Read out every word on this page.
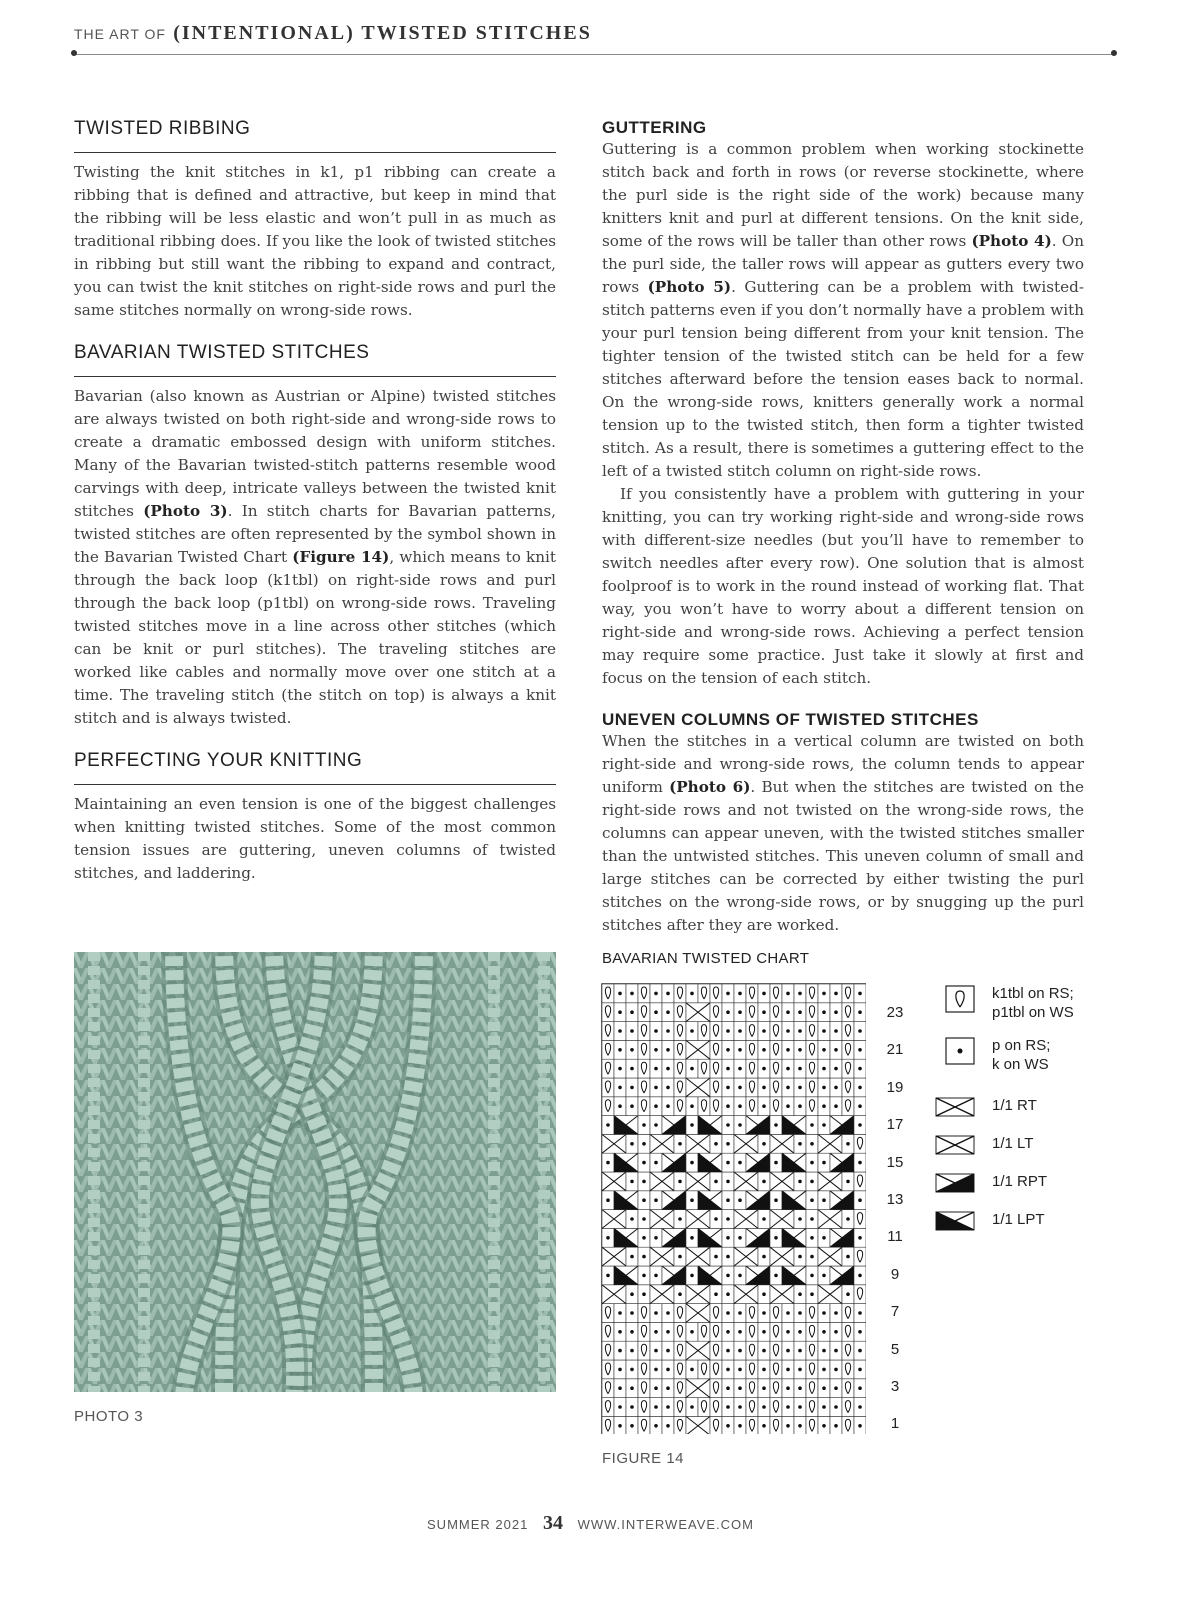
THE ART OF (INTENTIONAL) TWISTED STITCHES
TWISTED RIBBING

Twisting the knit stitches in k1, p1 ribbing can create a ribbing that is defined and attractive, but keep in mind that the ribbing will be less elastic and won’t pull in as much as traditional ribbing does. If you like the look of twisted stitches in ribbing but still want the ribbing to expand and contract, you can twist the knit stitches on right-side rows and purl the same stitches normally on wrong-side rows.

BAVARIAN TWISTED STITCHES

Bavarian (also known as Austrian or Alpine) twisted stitches are always twisted on both right-side and wrong-side rows to create a dramatic embossed design with uniform stitches. Many of the Bavarian twisted-stitch patterns resemble wood carvings with deep, intricate valleys between the twisted knit stitches (Photo 3). In stitch charts for Bavarian patterns, twisted stitches are often represented by the symbol shown in the Bavarian Twisted Chart (Figure 14), which means to knit through the back loop (k1tbl) on right-side rows and purl through the back loop (p1tbl) on wrong-side rows. Traveling twisted stitches move in a line across other stitches (which can be knit or purl stitches). The traveling stitches are worked like cables and normally move over one stitch at a time. The traveling stitch (the stitch on top) is always a knit stitch and is always twisted.

PERFECTING YOUR KNITTING

Maintaining an even tension is one of the biggest challenges when knitting twisted stitches. Some of the most common tension issues are guttering, uneven columns of twisted stitches, and laddering.

GUTTERING

Guttering is a common problem when working stockinette stitch back and forth in rows (or reverse stockinette, where the purl side is the right side of the work) because many knitters knit and purl at different tensions. On the knit side, some of the rows will be taller than other rows (Photo 4). On the purl side, the taller rows will appear as gutters every two rows (Photo 5). Guttering can be a problem with twisted-stitch patterns even if you don’t normally have a problem with your purl tension being different from your knit tension. The tighter tension of the twisted stitch can be held for a few stitches afterward before the tension eases back to normal. On the wrong-side rows, knitters generally work a normal tension up to the twisted stitch, then form a tighter twisted stitch. As a result, there is sometimes a guttering effect to the left of a twisted stitch column on right-side rows.

If you consistently have a problem with guttering in your knitting, you can try working right-side and wrong-side rows with different-size needles (but you’ll have to remember to switch needles after every row). One solution that is almost foolproof is to work in the round instead of working flat. That way, you won’t have to worry about a different tension on right-side and wrong-side rows. Achieving a perfect tension may require some practice. Just take it slowly at first and focus on the tension of each stitch.

UNEVEN COLUMNS OF TWISTED STITCHES

When the stitches in a vertical column are twisted on both right-side and wrong-side rows, the column tends to appear uniform (Photo 6). But when the stitches are twisted on the right-side rows and not twisted on the wrong-side rows, the columns can appear uneven, with the twisted stitches smaller than the untwisted stitches. This uneven column of small and large stitches can be corrected by either twisting the purl stitches on the wrong-side rows, or by snugging up the purl stitches after they are worked.

PHOTO 3
BAVARIAN TWISTED CHART
23
21
19
17
15
13
11
9
7
5
3
1
k1tbl on RS;
p1tbl on WS
p on RS;
k on WS
1/1 RT
1/1 LT
1/1 RPT
1/1 LPT
FIGURE 14
SUMMER 2021 34 WWW.INTERWEAVE.COM
